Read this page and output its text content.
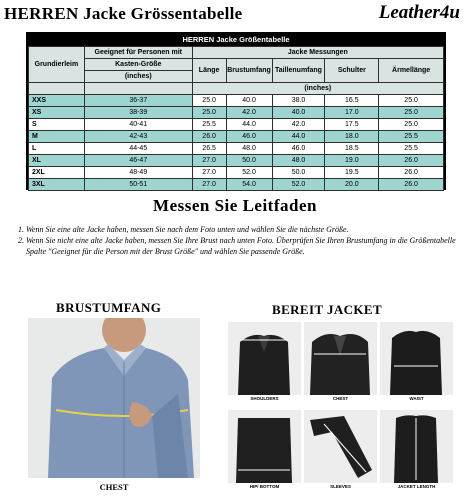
HERREN Jacke Grössentabelle	Leather4u
HERREN Jacke Größentabelle
Grundierleim	Geeignet für Personen mit	Jacke Messungen				
	Kasten-Größe	Länge	Brustumfang	Taillenumfang	Schulter	Ärmellänge
	(inches)					
		(inches)				
XXS	36-37	25.0	40.0	38.0	16.5	25.0
XS	38-39	25.0	42.0	40.0	17.0	25.0
S	40-41	25.5	44.0	42.0	17.5	25.0
M	42-43	26.0	46.0	44.0	18.0	25.5
L	44-45	26.5	48.0	46.0	18.5	25.5
XL	46-47	27.0	50.0	48.0	19.0	26.0
2XL	48-49	27.0	52.0	50.0	19.5	26.0
3XL	50-51	27.0	54.0	52.0	20.0	26.0
Messen Sie Leitfaden
1. Wenn Sie eine alte Jacke haben, messen Sie nach dem Foto unten und wählen Sie die nächste Größe.
2. Wenn Sie nicht eine alte Jacke haben, messen Sie Ihre Brust nach unten Foto. Überprüfen Sie Ihren Brustumfang in die Größentabelle Spalte "Geeignet für die Person mit der Brust Größe" und wählen Sie passende Größe.
BRUSTUMFANG
CHEST
BEREIT JACKET
SHOULDERS	CHEST	WAIST
HIP/ BOTTOM	SLEEVES	JACKET LENGTH
